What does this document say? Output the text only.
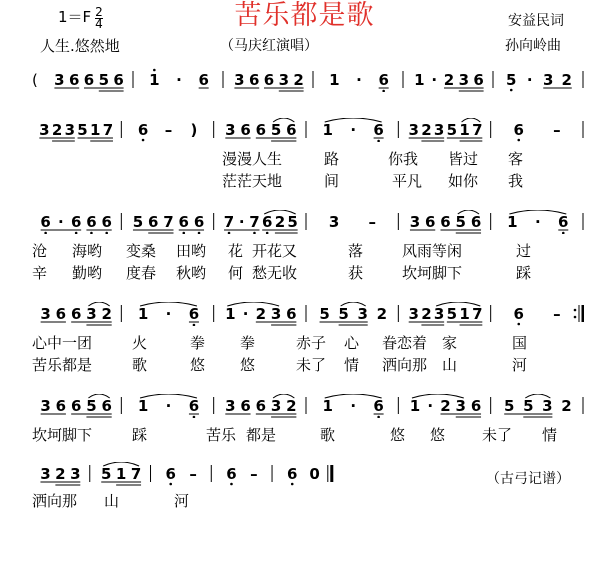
苦乐都是歌
$1=F \frac{2}{4}$
人生.悠然地	（马庆红演唱）
安益民词
孙向岭曲
( 3 6 6 5 6 1 · 6 3 6 6 3 2 1 · 6 1 · 2 3 6 5 · 3 2
3 2 3 5 1 7 6 – ) 3 6 6 5 6 1 · 6 3 2 3 5 1 7 6 –
漫漫人生	路	你我 皆过 客
茫茫天地	间	平凡 如你 我
6 · 6 6 6 5 6 7 6 6 7 · 7 6 2 5 3 – 3 6 6 5 6 1 · 6
沧 海哟 变桑 田哟 花 开花又	落	风雨等闲	过
辛 勤哟 度春 秋哟 何 愁无收	获	坎坷脚下	踩
3 6 6 3 2 1 · 6 1 · 2 3 6 5 5 3 2 3 2 3 5 1 7 6 –
心中一团	火	拳 拳	赤子 心 眷恋着 家	国
苦乐都是	歌	悠 悠	未了 情 洒向那 山	河
3 6 6 5 6 1 · 6 3 6 6 3 2 1 · 6 1 · 2 3 6 5 5 3 2
坎坷脚下	踩	苦乐 都是	歌	悠 悠 未了 情
3 2 3 5 1 7 6 – 6 – 6 0
洒向那 山	河
（古弓记谱）
